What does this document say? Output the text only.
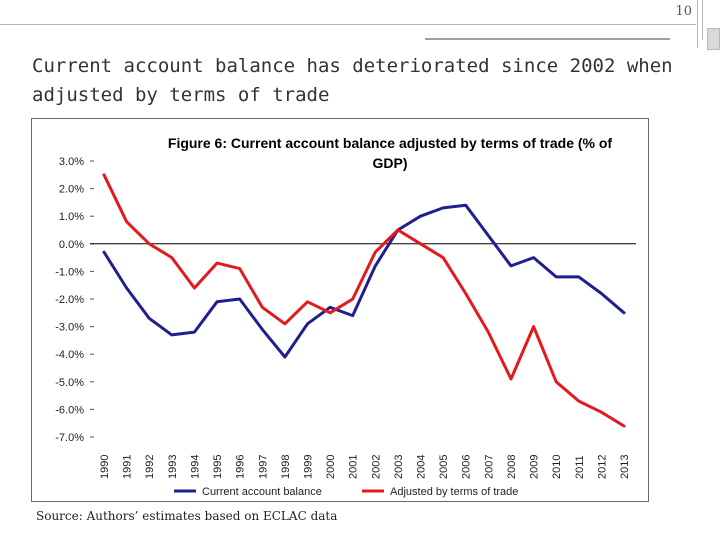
10
Current account balance has deteriorated since 2002 when adjusted by terms of trade
Figure 6: Current account balance adjusted by terms of trade (% of
GDP)
3.0%
2.0%
1.0%
0.0%
-1.0%
-2.0%
-3.0%
-4.0%
-5.0%
-6.0%
-7.0%
1990 1991 1992 1993 1994 1995 1996 1997 1998 1999 2000 2001 2002 2003 2004 2005 2006 2007 2008 2009 2010 2011 2012 2013
Current account balance	Adjusted by terms of trade
Source: Authors’ estimates based on ECLAC data
